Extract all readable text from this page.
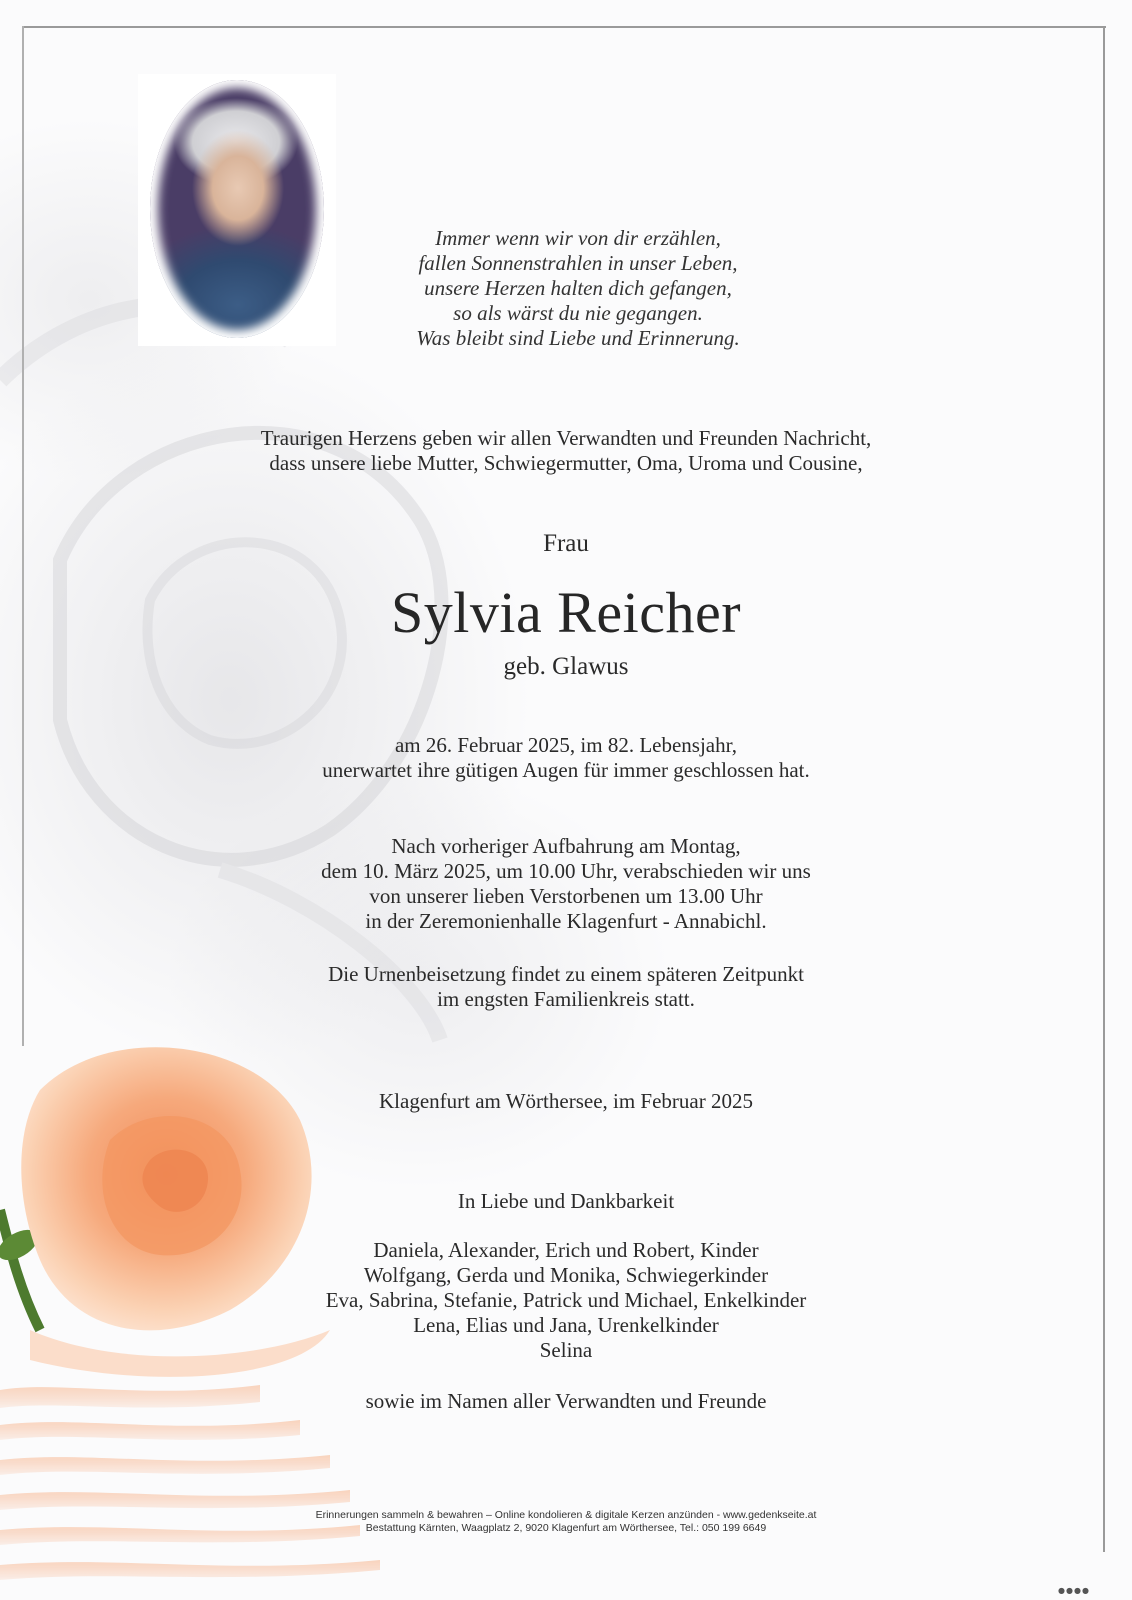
Immer wenn wir von dir erzählen,
fallen Sonnenstrahlen in unser Leben,
unsere Herzen halten dich gefangen,
so als wärst du nie gegangen.
Was bleibt sind Liebe und Erinnerung.
Traurigen Herzens geben wir allen Verwandten und Freunden Nachricht,
dass unsere liebe Mutter, Schwiegermutter, Oma, Uroma und Cousine,
Frau
Sylvia Reicher
geb. Glawus
am 26. Februar 2025, im 82. Lebensjahr,
unerwartet ihre gütigen Augen für immer geschlossen hat.
Nach vorheriger Aufbahrung am Montag,
dem 10. März 2025, um 10.00 Uhr, verabschieden wir uns
von unserer lieben Verstorbenen um 13.00 Uhr
in der Zeremonienhalle Klagenfurt - Annabichl.
Die Urnenbeisetzung findet zu einem späteren Zeitpunkt
im engsten Familienkreis statt.
Klagenfurt am Wörthersee, im Februar 2025
In Liebe und Dankbarkeit
Daniela, Alexander, Erich und Robert, Kinder
Wolfgang, Gerda und Monika, Schwiegerkinder
Eva, Sabrina, Stefanie, Patrick und Michael, Enkelkinder
Lena, Elias und Jana, Urenkelkinder
Selina
sowie im Namen aller Verwandten und Freunde
Erinnerungen sammeln & bewahren – Online kondolieren & digitale Kerzen anzünden - www.gedenkseite.at
Bestattung Kärnten, Waagplatz 2, 9020 Klagenfurt am Wörthersee, Tel.: 050 199 6649
●●●●
